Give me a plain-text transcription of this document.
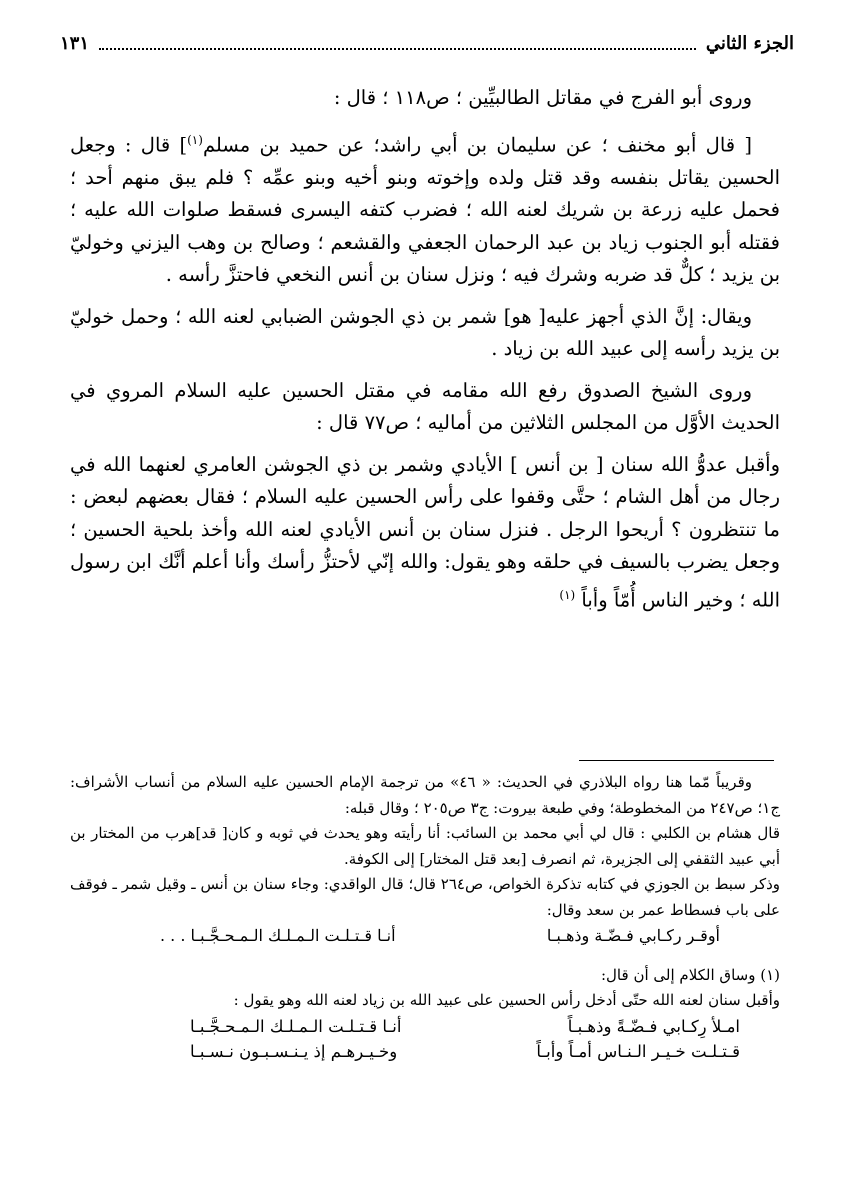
الجزء الثاني
١٣١

وروى أبو الفرج في مقاتل الطالبيِّين ؛ ص١١٨ ؛ قال :

[ قال أبو مخنف ؛ عن سليمان بن أبي راشد؛ عن حميد بن مسلم$^{(١)}$] قال : وجعل الحسين يقاتل بنفسه وقد قتل ولده وإخوته وبنو أخيه وبنو عمِّه ؟ فلم يبق منهم أحد ؛ فحمل عليه زرعة بن شريك لعنه الله ؛ فضرب كتفه اليسرى فسقط صلوات الله عليه ؛ فقتله أبو الجنوب زياد بن عبد الرحمان الجعفي والقشعم ؛ وصالح بن وهب اليزني وخوليّ بن يزيد ؛ كلٌّ قد ضربه وشرك فيه ؛ ونزل سنان بن أنس النخعي فاحتزَّ رأسه .

ويقال: إنَّ الذي أجهز عليه[ هو] شمر بن ذي الجوشن الضبابي لعنه الله ؛ وحمل خوليّ بن يزيد رأسه إلى عبيد الله بن زياد .

وروى الشيخ الصدوق رفع الله مقامه في مقتل الحسين عليه السلام المروي في الحديث الأوَّل من المجلس الثلاثين من أماليه ؛ ص٧٧ قال :

وأقبل عدوُّ الله سنان [ بن أنس ] الأيادي وشمر بن ذي الجوشن العامري لعنهما الله في رجال من أهل الشام ؛ حتَّى وقفوا على رأس الحسين عليه السلام ؛ فقال بعضهم لبعض : ما تنتظرون ؟ أريحوا الرجل . فنزل سنان بن أنس الأيادي لعنه الله وأخذ بلحية الحسين ؛ وجعل يضرب بالسيف في حلقه وهو يقول: والله إنّي لأحتزُّ رأسك وأنا أعلم أنَّك ابن رسول الله ؛ وخير الناس أُمّاً وأباً $^{(١)}$

وقريباً مّما هنا رواه البلاذري في الحديث: « ٤٦» من ترجمة الإمام الحسين عليه السلام من أنساب الأشراف: ج١؛ ص٢٤٧ من المخطوطة؛ وفي طبعة بيروت: ج٣ ص٢٠٥ ؛ وقال قبله:

قال هشام بن الكلبي : قال لي أبي محمد بن السائب: أنا رأيته وهو يحدث في ثوبه و كان[ قد]هرب من المختار بن أبي عبيد الثقفي إلى الجزيرة، ثم انصرف [بعد قتل المختار] إلى الكوفة.

وذكر سبط بن الجوزي في كتابه تذكرة الخواص، ص٢٦٤ قال؛ قال الواقدي: وجاء سنان بن أنس ـ وقيل شمر ـ فوقف على باب فسطاط عمر بن سعد وقال:

أوقـر ركـابي فـضّـة وذهـبـا
أنـا قـتـلـت الـمـلـك الـمـحـجَّـبـا . . .

(١) وساق الكلام إلى أن قال:

وأقبل سنان لعنه الله حتّى أدخل رأس الحسين على عبيد الله بن زياد لعنه الله وهو يقول :

امـلأ رِكـابي فـضّـةً وذهـبـاً
أنـا قـتـلـت الـمـلـك الـمـحـجَّـبـا
قـتـلـت خـيـر الـنـاس أمـاً وأبـاً
وخـيـرهـم إذ يـنـسـبـون نـسـبـا
